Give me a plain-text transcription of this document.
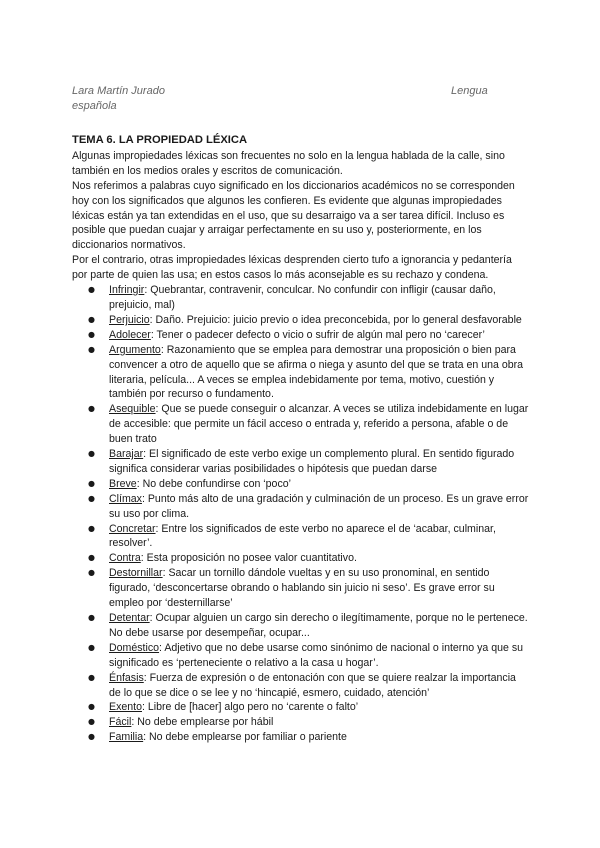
Lara Martín Jurado	Lengua
española
TEMA 6. LA PROPIEDAD LÉXICA

Algunas impropiedades léxicas son frecuentes no solo en la lengua hablada de la calle, sino también en los medios orales y escritos de comunicación.

Nos referimos a palabras cuyo significado en los diccionarios académicos no se corresponden hoy con los significados que algunos les confieren. Es evidente que algunas impropiedades léxicas están ya tan extendidas en el uso, que su desarraigo va a ser tarea difícil. Incluso es posible que puedan cuajar y arraigar perfectamente en su uso y, posteriormente, en los diccionarios normativos.

Por el contrario, otras impropiedades léxicas desprenden cierto tufo a ignorancia y pedantería por parte de quien las usa; en estos casos lo más aconsejable es su rechazo y condena.

● Infringir: Quebrantar, contravenir, conculcar. No confundir con infligir (causar daño, prejuicio, mal)
● Perjuicio: Daño. Prejuicio: juicio previo o idea preconcebida, por lo general desfavorable
● Adolecer: Tener o padecer defecto o vicio o sufrir de algún mal pero no ‘carecer’
● Argumento: Razonamiento que se emplea para demostrar una proposición o bien para convencer a otro de aquello que se afirma o niega y asunto del que se trata en una obra literaria, película... A veces se emplea indebidamente por tema, motivo, cuestión y también por recurso o fundamento.
● Asequible: Que se puede conseguir o alcanzar. A veces se utiliza indebidamente en lugar de accesible: que permite un fácil acceso o entrada y, referido a persona, afable o de buen trato
● Barajar: El significado de este verbo exige un complemento plural. En sentido figurado significa considerar varias posibilidades o hipótesis que puedan darse
● Breve: No debe confundirse con ‘poco’
● Clímax: Punto más alto de una gradación y culminación de un proceso. Es un grave error su uso por clima.
● Concretar: Entre los significados de este verbo no aparece el de ‘acabar, culminar, resolver’.
● Contra: Esta proposición no posee valor cuantitativo.
● Destornillar: Sacar un tornillo dándole vueltas y en su uso pronominal, en sentido figurado, ‘desconcertarse obrando o hablando sin juicio ni seso’. Es grave error su empleo por ‘desternillarse’
● Detentar: Ocupar alguien un cargo sin derecho o ilegítimamente, porque no le pertenece. No debe usarse por desempeñar, ocupar...
● Doméstico: Adjetivo que no debe usarse como sinónimo de nacional o interno ya que su significado es ‘perteneciente o relativo a la casa u hogar’.
● Énfasis: Fuerza de expresión o de entonación con que se quiere realzar la importancia de lo que se dice o se lee y no ‘hincapié, esmero, cuidado, atención’
● Exento: Libre de [hacer] algo pero no ‘carente o falto’
● Fácil: No debe emplearse por hábil
● Familia: No debe emplearse por familiar o pariente
